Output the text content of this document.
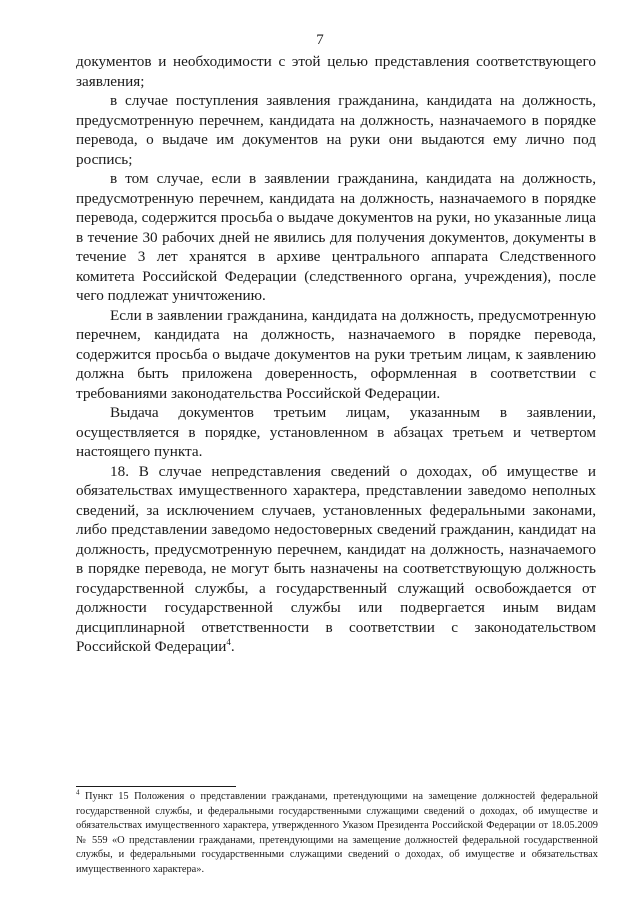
7

документов и необходимости с этой целью представления соответствующего заявления;

в случае поступления заявления гражданина, кандидата на должность, предусмотренную перечнем, кандидата на должность, назначаемого в порядке перевода, о выдаче им документов на руки они выдаются ему лично под роспись;

в том случае, если в заявлении гражданина, кандидата на должность, предусмотренную перечнем, кандидата на должность, назначаемого в порядке перевода, содержится просьба о выдаче документов на руки, но указанные лица в течение 30 рабочих дней не явились для получения документов, документы в течение 3 лет хранятся в архиве центрального аппарата Следственного комитета Российской Федерации (следственного органа, учреждения), после чего подлежат уничтожению.

Если в заявлении гражданина, кандидата на должность, предусмотренную перечнем, кандидата на должность, назначаемого в порядке перевода, содержится просьба о выдаче документов на руки третьим лицам, к заявлению должна быть приложена доверенность, оформленная в соответствии с требованиями законодательства Российской Федерации.

Выдача документов третьим лицам, указанным в заявлении, осуществляется в порядке, установленном в абзацах третьем и четвертом настоящего пункта.

18. В случае непредставления сведений о доходах, об имуществе и обязательствах имущественного характера, представлении заведомо неполных сведений, за исключением случаев, установленных федеральными законами, либо представлении заведомо недостоверных сведений гражданин, кандидат на должность, предусмотренную перечнем, кандидат на должность, назначаемого в порядке перевода, не могут быть назначены на соответствующую должность государственной службы, а государственный служащий освобождается от должности государственной службы или подвергается иным видам дисциплинарной ответственности в соответствии с законодательством Российской Федерации$^4$.

$^4$ Пункт 15 Положения о представлении гражданами, претендующими на замещение должностей федеральной государственной службы, и федеральными государственными служащими сведений о доходах, об имуществе и обязательствах имущественного характера, утвержденного Указом Президента Российской Федерации от 18.05.2009 № 559 «О представлении гражданами, претендующими на замещение должностей федеральной государственной службы, и федеральными государственными служащими сведений о доходах, об имуществе и обязательствах имущественного характера».
